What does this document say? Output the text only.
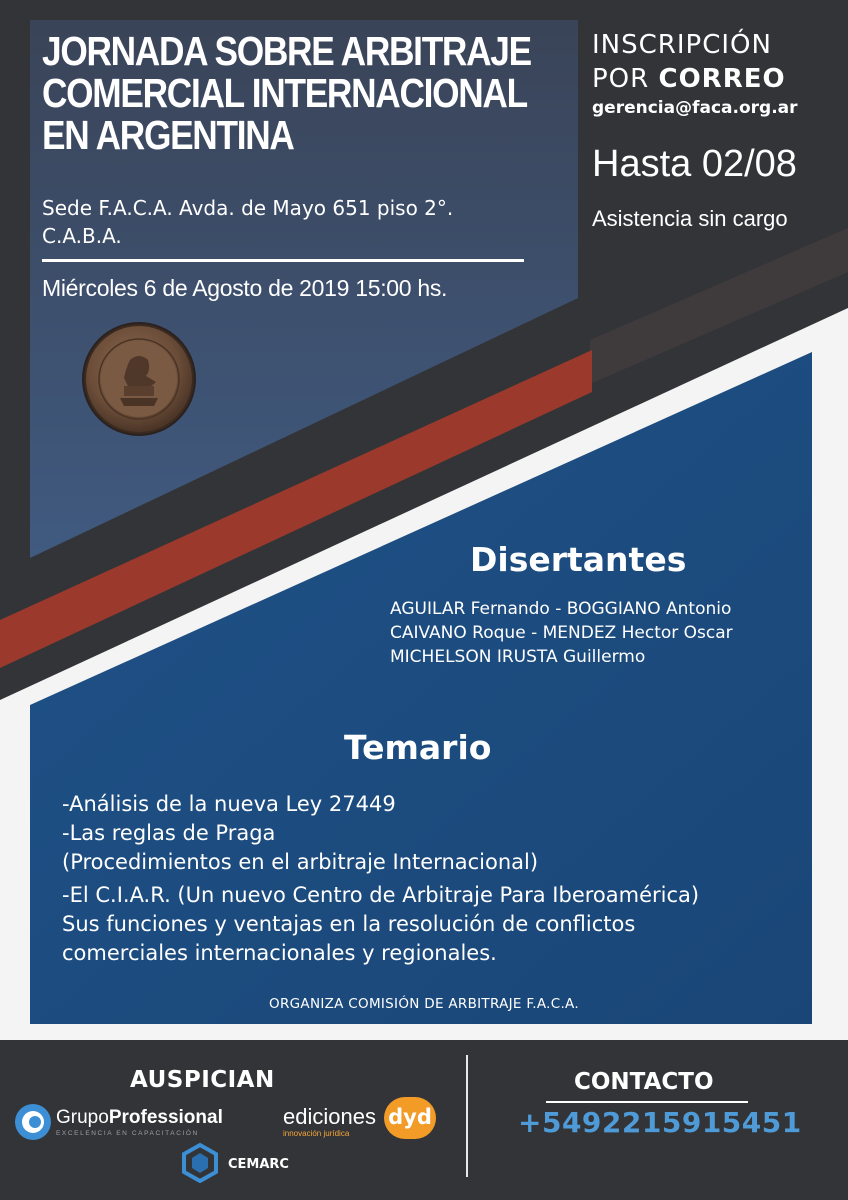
JORNADA SOBRE ARBITRAJE
COMERCIAL INTERNACIONAL
EN ARGENTINA
Sede F.A.C.A. Avda. de Mayo 651 piso 2°.
C.A.B.A.
Miércoles 6 de Agosto de 2019 15:00 hs.
INSCRIPCIÓN
POR CORREO
gerencia@faca.org.ar
Hasta 02/08
Asistencia sin cargo
Disertantes
AGUILAR Fernando - BOGGIANO Antonio
CAIVANO Roque - MENDEZ Hector Oscar
MICHELSON IRUSTA Guillermo
Temario
-Análisis de la nueva Ley 27449
-Las reglas de Praga
(Procedimientos en el arbitraje Internacional)
-El C.I.A.R. (Un nuevo Centro de Arbitraje Para Iberoamérica)
Sus funciones y ventajas en la resolución de conflictos
comerciales internacionales y regionales.
ORGANIZA COMISIÓN DE ARBITRAJE F.A.C.A.
AUSPICIAN
GrupoProfessional
EXCELENCIA EN CAPACITACIÓN
ediciones
innovación jurídica
dyd
CEMARC
CONTACTO
+5492215915451
